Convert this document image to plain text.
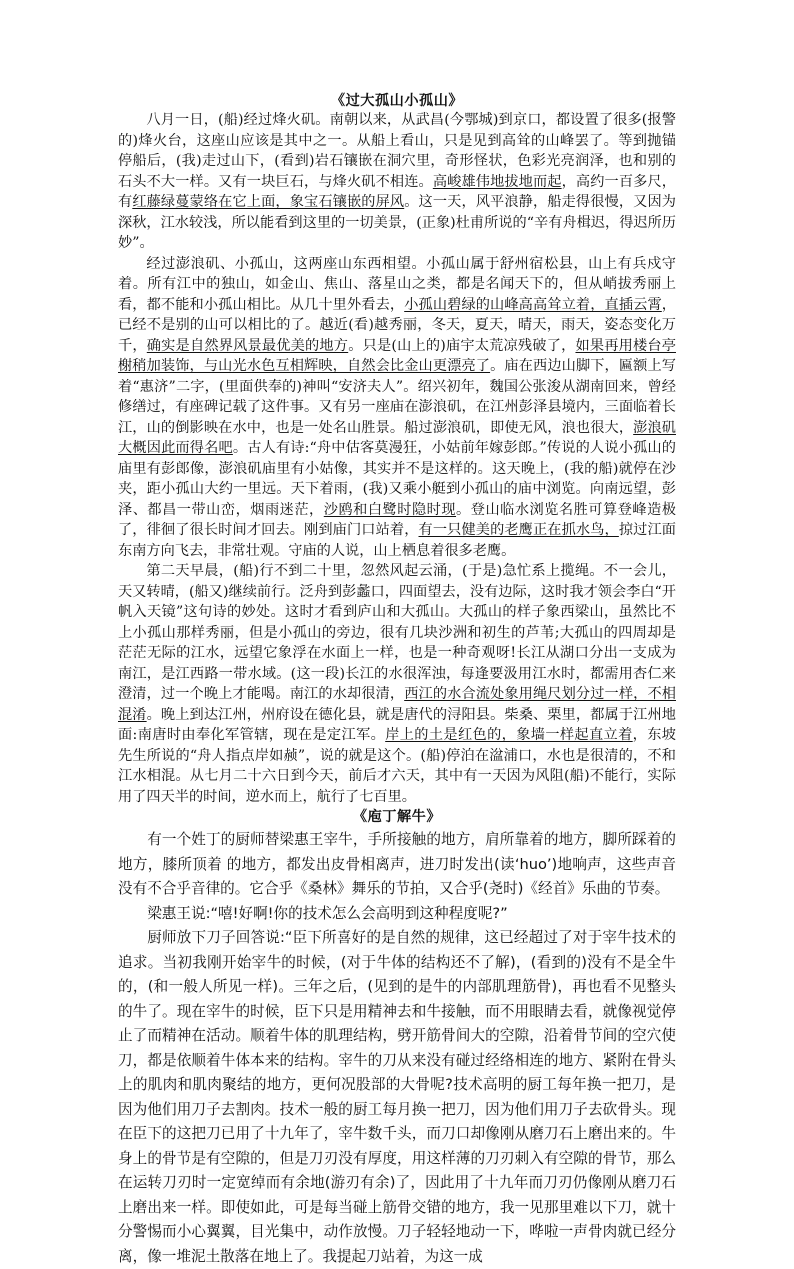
《过大孤山小孤山》

八月一日，(船)经过烽火矶。南朝以来，从武昌(今鄂城)到京口，都设置了很多(报警的)烽火台，这座山应该是其中之一。从船上看山，只是见到高耸的山峰罢了。等到抛锚停船后，(我)走过山下，(看到)岩石镶嵌在洞穴里，奇形怪状，色彩光亮润泽，也和别的石头不大一样。又有一块巨石，与烽火矶不相连。高峻雄伟地拔地而起，高约一百多尺，有红藤绿蔓蒙络在它上面，象宝石镶嵌的屏风。这一天，风平浪静，船走得很慢，又因为深秋，江水较浅，所以能看到这里的一切美景，(正象)杜甫所说的“辛有舟楫迟，得迟所历妙”。

经过澎浪矶、小孤山，这两座山东西相望。小孤山属于舒州宿松县，山上有兵戍守着。所有江中的独山，如金山、焦山、落星山之类，都是名闻天下的，但从峭拔秀丽上看，都不能和小孤山相比。从几十里外看去，小孤山碧绿的山峰高高耸立着，直插云霄，已经不是别的山可以相比的了。越近(看)越秀丽，冬天，夏天，晴天，雨天，姿态变化万千，确实是自然界风景最优美的地方。只是(山上的)庙宇太荒凉残破了，如果再用楼台亭榭稍加装饰，与山光水色互相辉映，自然会比金山更漂亮了。庙在西边山脚下，匾额上写着“惠济”二字，(里面供奉的)神叫“安济夫人”。绍兴初年，魏国公张浚从湖南回来，曾经修缮过，有座碑记载了这件事。又有另一座庙在澎浪矶，在江州彭泽县境内，三面临着长江，山的倒影映在水中，也是一处名山胜景。船过澎浪矶，即使无风，浪也很大，澎浪矶大概因此而得名吧。古人有诗:“舟中估客莫漫狂，小姑前年嫁彭郎。”传说的人说小孤山的庙里有彭郎像，澎浪矶庙里有小姑像，其实并不是这样的。这天晚上，(我的船)就停在沙夹，距小孤山大约一里远。天下着雨，(我)又乘小艇到小孤山的庙中浏览。向南远望，彭泽、都昌一带山峦，烟雨迷茫，沙鸥和白鹭时隐时现。登山临水浏览名胜可算登峰造极了，徘徊了很长时间才回去。刚到庙门口站着，有一只健美的老鹰正在抓水鸟，掠过江面东南方向飞去，非常壮观。守庙的人说，山上栖息着很多老鹰。

第二天早晨，(船)行不到二十里，忽然风起云涌，(于是)急忙系上揽绳。不一会儿，天又转晴，(船又)继续前行。泛舟到彭蠡口，四面望去，没有边际，这时我才领会李白“开帆入天镜”这句诗的妙处。这时才看到庐山和大孤山。大孤山的样子象西梁山，虽然比不上小孤山那样秀丽，但是小孤山的旁边，很有几块沙洲和初生的芦苇;大孤山的四周却是茫茫无际的江水，远望它象浮在水面上一样，也是一种奇观呀!长江从湖口分出一支成为南江，是江西路一带水域。(这一段)长江的水很浑浊，每逢要汲用江水时，都需用杏仁来澄清，过一个晚上才能喝。南江的水却很清，西江的水合流处象用绳尺划分过一样，不相混淆。晚上到达江州，州府设在德化县，就是唐代的浔阳县。柴桑、栗里，都属于江州地面:南唐时由奉化军管辖，现在是定江军。岸上的土是红色的，象墙一样起直立着，东坡先生所说的“舟人指点岸如赪”，说的就是这个。(船)停泊在湓浦口，水也是很清的，不和江水相混。从七月二十六日到今天，前后才六天，其中有一天因为风阻(船)不能行，实际用了四天半的时间，逆水而上，航行了七百里。

《庖丁解牛》

有一个姓丁的厨师替梁惠王宰牛，手所接触的地方，肩所靠着的地方，脚所踩着的地方，膝所顶着 的地方，都发出皮骨相离声，进刀时发出(读‘huo’)地响声，这些声音没有不合乎音律的。它合乎《桑林》舞乐的节拍，又合乎(尧时)《经首》乐曲的节奏。

梁惠王说:“嘻!好啊!你的技术怎么会高明到这种程度呢?”

厨师放下刀子回答说:“臣下所喜好的是自然的规律，这已经超过了对于宰牛技术的追求。当初我刚开始宰牛的时候，(对于牛体的结构还不了解)，(看到的)没有不是全牛的，(和一般人所见一样)。三年之后，(见到的是牛的内部肌理筋骨)，再也看不见整头的牛了。现在宰牛的时候，臣下只是用精神去和牛接触，而不用眼睛去看，就像视觉停止了而精神在活动。顺着牛体的肌理结构，劈开筋骨间大的空隙，沿着骨节间的空穴使刀，都是依顺着牛体本来的结构。宰牛的刀从来没有碰过经络相连的地方、紧附在骨头上的肌肉和肌肉聚结的地方，更何况股部的大骨呢?技术高明的厨工每年换一把刀，是因为他们用刀子去割肉。技术一般的厨工每月换一把刀，因为他们用刀子去砍骨头。现在臣下的这把刀已用了十九年了，宰牛数千头，而刀口却像刚从磨刀石上磨出来的。牛身上的骨节是有空隙的，但是刀刃没有厚度，用这样薄的刀刃刺入有空隙的骨节，那么在运转刀刃时一定宽绰而有余地(游刃有余)了，因此用了十九年而刀刃仍像刚从磨刀石上磨出来一样。即使如此，可是每当碰上筋骨交错的地方，我一见那里难以下刀，就十分警惕而小心翼翼，目光集中，动作放慢。刀子轻轻地动一下，哗啦一声骨肉就已经分离，像一堆泥土散落在地上了。我提起刀站着，为这一成
